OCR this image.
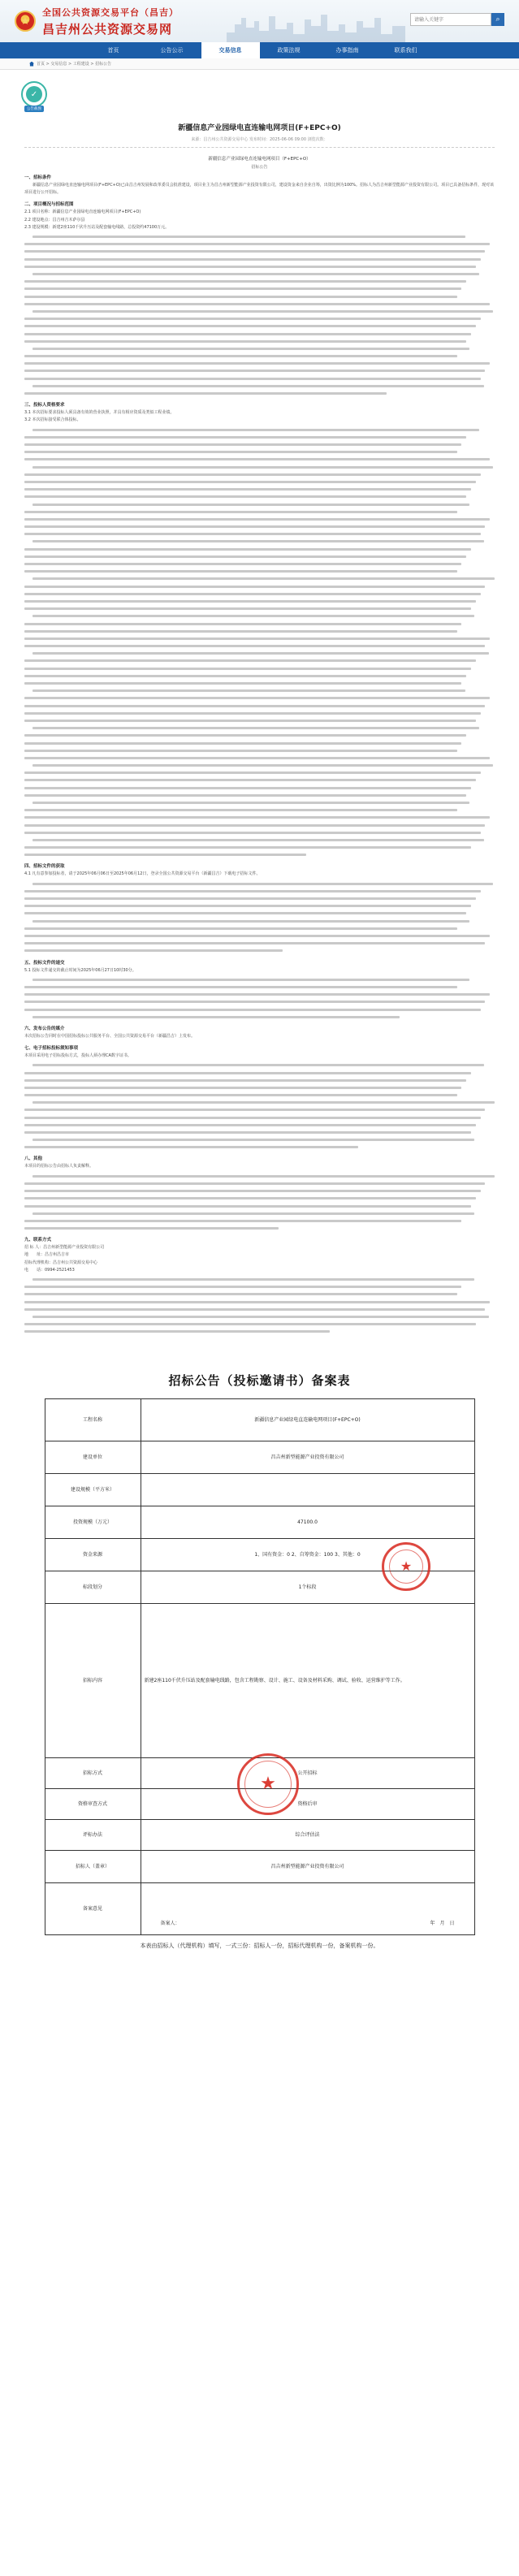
★
全国公共资源交易平台（昌吉）
昌吉州公共资源交易网
请输入关键字
⌕
首页	公告公示	交易信息	政策法规	办事指南	联系我们
首页 > 交易信息 > 工程建设 > 招标公告
✓
公告截图
新疆信息产业园绿电直连输电网项目(F+EPC+O)
来源：昌吉州公共资源交易中心 发布时间：2025-06-06 09:00 浏览次数：
新疆信息产业园绿电直连输电网项目（F+EPC+O）
招标公告
一、招标条件
新疆信息产业园绿电直连输电网项目(F+EPC+O)已由昌吉州发展和改革委员会批准建设，项目业主为昌吉州新型能源产业投资有限公司，建设资金来自企业自筹，出资比例为100%。招标人为昌吉州新型能源产业投资有限公司。项目已具备招标条件，现对该项目进行公开招标。
二、项目概况与招标范围
2.1 项目名称：新疆信息产业园绿电直连输电网项目(F+EPC+O)
2.2 建设地点：昌吉州吉木萨尔县
2.3 建设规模：新建2座110千伏升压站及配套输电线路，总投资约47100万元。
三、投标人资格要求
3.1 本次招标要求投标人须具备有效的营业执照，并具有相应资质及类似工程业绩。
3.2 本次招标接受联合体投标。
四、招标文件的获取
4.1 凡有意参加投标者，请于2025年06月06日至2025年06月12日，登录全国公共资源交易平台（新疆昌吉）下载电子招标文件。
五、投标文件的递交
5.1 投标文件递交的截止时间为2025年06月27日10时30分。
六、发布公告的媒介
本次招标公告同时在中国招标投标公共服务平台、全国公共资源交易平台（新疆昌吉）上发布。
七、电子招标投标须知事项
本项目采用电子招标投标方式，投标人须办理CA数字证书。
八、其他
本项目的招标公告由招标人负责解释。
九、联系方式
招 标 人：昌吉州新型能源产业投资有限公司
地　　址：昌吉州昌吉市
招标代理机构：昌吉州公共资源交易中心
电　　话：0994-2521453
招标公告（投标邀请书）备案表
工程名称	新疆信息产业园绿电直连输电网项目(F+EPC+O)
建设单位	昌吉州新型能源产业投资有限公司
建设规模（平方米）	
投资规模（万元）	47100.0
资金来源	1、国有资金：0 2、自筹资金：100 3、其他：0
标段划分	1个标段
招标内容	新建2座110千伏升压站及配套输电线路，包含工程勘察、设计、施工、设备及材料采购、调试、验收、运营维护等工作。
招标方式	公开招标
资格审查方式	资格后审
评标办法	综合评估法
招标人（盖章）	昌吉州新型能源产业投资有限公司
备案意见	备案人： 年　月　日
★
★
本表由招标人（代理机构）填写，一式三份：招标人一份，招标代理机构一份，备案机构一份。
